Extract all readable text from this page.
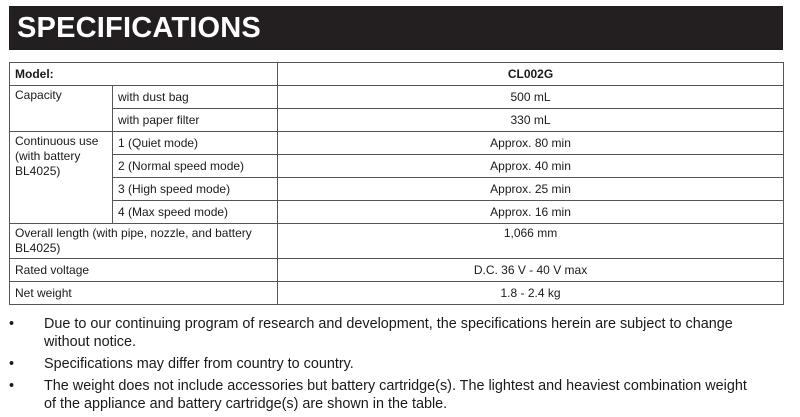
SPECIFICATIONS
Model:		CL002G
Capacity	with dust bag	500 mL
	with paper filter	330 mL

Continuous use
(with battery
BL4025)	1 (Quiet mode)	Approx. 80 min
	2 (Normal speed mode)	Approx. 40 min
	3 (High speed mode)	Approx. 25 min
	4 (Max speed mode)	Approx. 16 min

Overall length (with pipe, nozzle, and battery
BL4025)		1,066 mm
Rated voltage		D.C. 36 V - 40 V max
Net weight		1.8 - 2.4 kg
• Due to our continuing program of research and development, the specifications herein are subject to change
without notice.
• Specifications may differ from country to country.
• The weight does not include accessories but battery cartridge(s). The lightest and heaviest combination weight
of the appliance and battery cartridge(s) are shown in the table.
